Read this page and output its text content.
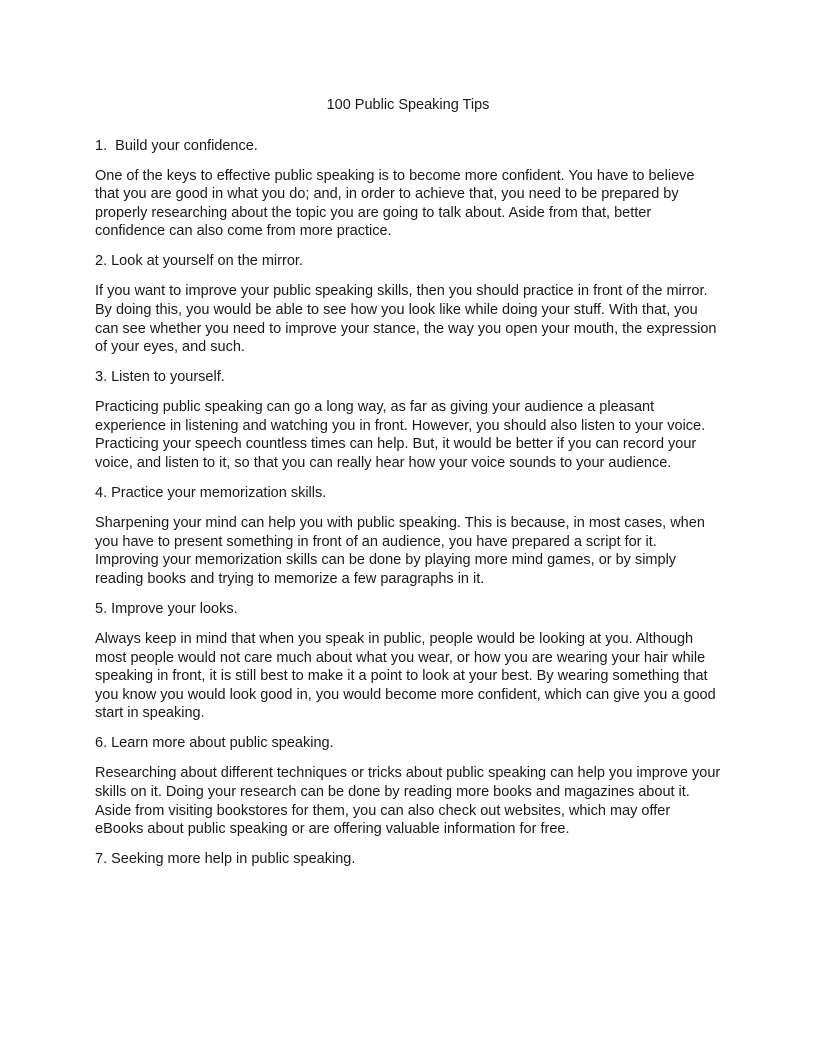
100 Public Speaking Tips
1.  Build your confidence.
One of the keys to effective public speaking is to become more confident. You have to believe that you are good in what you do; and, in order to achieve that, you need to be prepared by properly researching about the topic you are going to talk about. Aside from that, better confidence can also come from more practice.
2. Look at yourself on the mirror.
If you want to improve your public speaking skills, then you should practice in front of the mirror. By doing this, you would be able to see how you look like while doing your stuff. With that, you can see whether you need to improve your stance, the way you open your mouth, the expression of your eyes, and such.
3. Listen to yourself.
Practicing public speaking can go a long way, as far as giving your audience a pleasant experience in listening and watching you in front. However, you should also listen to your voice. Practicing your speech countless times can help. But, it would be better if you can record your voice, and listen to it, so that you can really hear how your voice sounds to your audience.
4. Practice your memorization skills.
Sharpening your mind can help you with public speaking. This is because, in most cases, when you have to present something in front of an audience, you have prepared a script for it. Improving your memorization skills can be done by playing more mind games, or by simply reading books and trying to memorize a few paragraphs in it.
5. Improve your looks.
Always keep in mind that when you speak in public, people would be looking at you. Although most people would not care much about what you wear, or how you are wearing your hair while speaking in front, it is still best to make it a point to look at your best. By wearing something that you know you would look good in, you would become more confident, which can give you a good start in speaking.
6. Learn more about public speaking.
Researching about different techniques or tricks about public speaking can help you improve your skills on it. Doing your research can be done by reading more books and magazines about it. Aside from visiting bookstores for them, you can also check out websites, which may offer eBooks about public speaking or are offering valuable information for free.
7. Seeking more help in public speaking.
